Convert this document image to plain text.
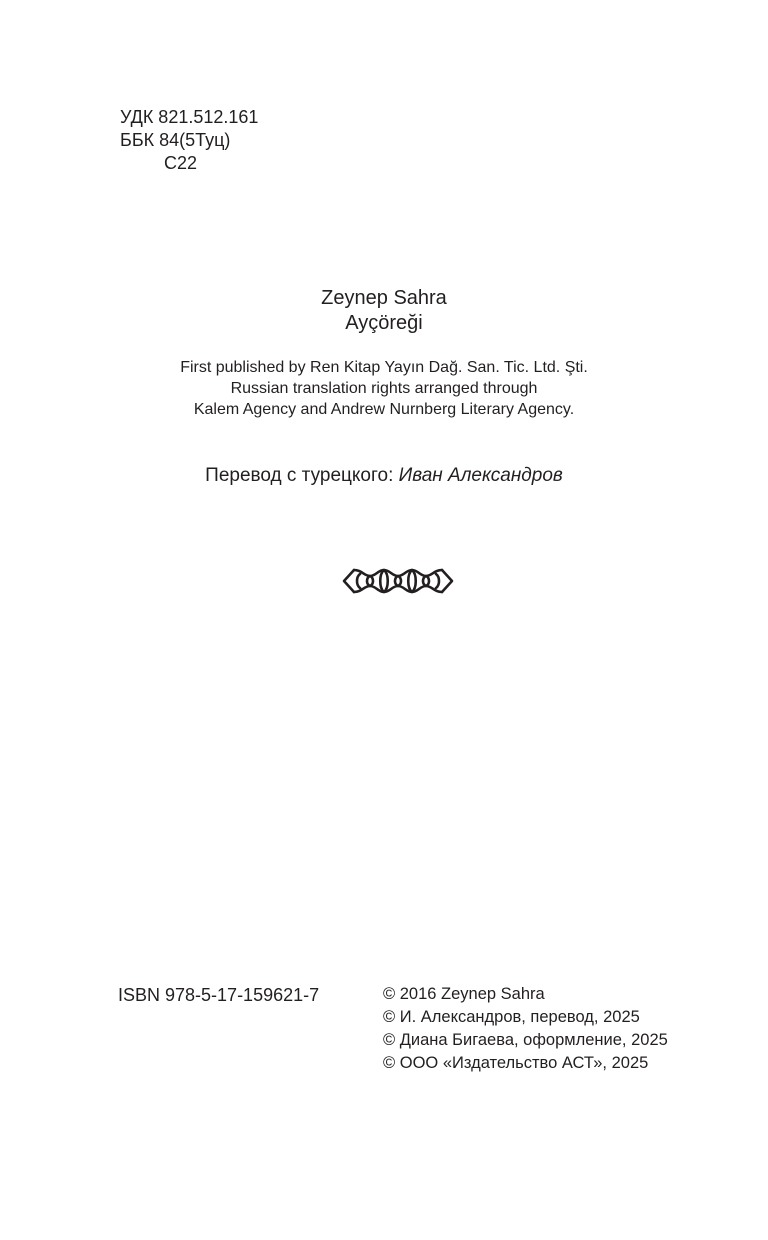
УДК 821.512.161
ББК 84(5Туц)
С22
Zeynep Sahra
Ayçöreği
First published by Ren Kitap Yayın Dağ. San. Tic. Ltd. Şti.
Russian translation rights arranged through
Kalem Agency and Andrew Nurnberg Literary Agency.
Перевод с турецкого: Иван Александров
ISBN 978-5-17-159621-7	© 2016 Zeynep Sahra
© И. Александров, перевод, 2025
© Диана Бигаева, оформление, 2025
© ООО «Издательство АСТ», 2025
